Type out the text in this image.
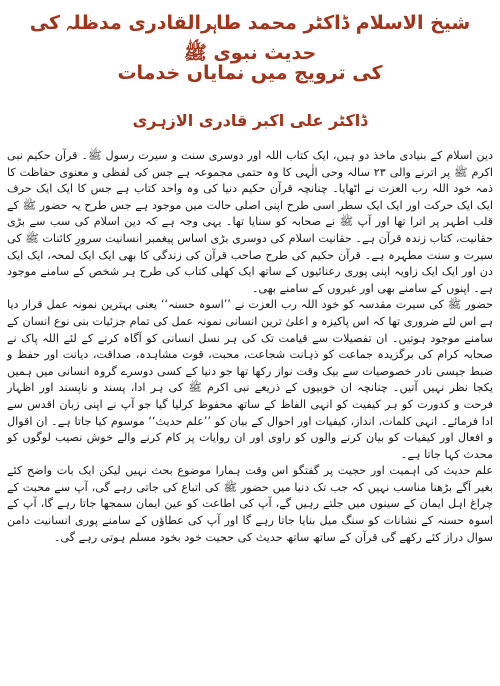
شیخ الاسلام ڈاکٹر محمد طاہرالقادری مدظلہ کی حدیث نبوی ﷺ
کی ترویج میں نمایاں خدمات
ڈاکٹر علی اکبر قادری الازہری

دین اسلام کے بنیادی ماخذ دو ہیں، ایک کتاب اللہ اور دوسری سنت و سیرت رسول ﷺ۔ قرآن حکیم نبی اکرم ﷺ پر اترنے والی ۲۳ سالہ وحی الٰہی کا وہ حتمی مجموعہ ہے جس کی لفظی و معنوی حفاظت کا ذمہ خود اللہ رب العزت نے اٹھایا۔ چنانچہ قرآن حکیم دنیا کی وہ واحد کتاب ہے جس کا ایک ایک حرف ایک ایک حرکت اور ایک ایک سطر اسی طرح اپنی اصلی حالت میں موجود ہے جس طرح یہ حضور ﷺ کے قلب اطہر پر اترا تھا اور آپ ﷺ نے صحابہ کو سنایا تھا۔ یہی وجہ ہے کہ دین اسلام کی سب سے بڑی حقانیت، کتاب زندہ قرآن ہے۔ حقانیت اسلام کی دوسری بڑی اساس پیغمبر انسانیت سرورِ کائنات ﷺ کی سیرت و سنت مطہرہ ہے۔ قرآن حکیم کی طرح صاحب قرآن کی زندگی کا بھی ایک ایک لمحہ، ایک ایک دن اور ایک ایک زاویہ اپنی پوری رعنائیوں کے ساتھ ایک کھلی کتاب کی طرح ہر شخص کے سامنے موجود ہے۔ اپنوں کے سامنے بھی اور غیروں کے سامنے بھی۔

حضور ﷺ کی سیرت مقدسہ کو خود اللہ رب العزت نے ’’اسوہ حسنہ‘‘ یعنی بہترین نمونہ عمل قرار دیا ہے اس لئے ضروری تھا کہ اس پاکیزہ و اعلیٰ ترین انسانی نمونہ عمل کی تمام جزئیات بنی نوع انسان کے سامنے موجود ہوتیں۔ ان تفصیلات سے قیامت تک کی ہر نسل انسانی کو آگاہ کرنے کے لئے اللہ پاک نے صحابہ کرام کی برگزیدہ جماعت کو ذہانت شجاعت، محبت، قوت مشاہدہ، صداقت، دیانت اور حفظ و ضبط جیسی نادر خصوصیات سے بیک وقت نواز رکھا تھا جو دنیا کے کسی دوسرے گروہ انسانی میں ہمیں یکجا نظر نہیں آتیں۔ چنانچہ ان خوبیوں کے ذریعے نبی اکرم ﷺ کی ہر ادا، پسند و ناپسند اور اظہار فرحت و کدورت کو ہر کیفیت کو انہی الفاظ کے ساتھ محفوظ کرلیا گیا جو آپ نے اپنی زبان اقدس سے ادا فرمائے۔ انہی کلمات، انداز، کیفیات اور احوال کے بیان کو ’’علم حدیث‘‘ موسوم کیا جاتا ہے۔ ان اقوال و افعال اور کیفیات کو بیان کرنے والوں کو راوی اور ان روایات پر کام کرنے والے خوش نصیب لوگوں کو محدث کہا جاتا ہے۔

علم حدیث کی اہمیت اور حجیت پر گفتگو اس وقت ہمارا موضوع بحث نہیں لیکن ایک بات واضح کئے بغیر آگے بڑھنا مناسب نہیں کہ جب تک دنیا میں حضور ﷺ کی اتباع کی جاتی رہے گی، آپ سے محبت کے چراغ اہل ایمان کے سینوں میں جلتے رہیں گے، آپ کی اطاعت کو عین ایمان سمجھا جاتا رہے گا، آپ کے اسوہ حسنہ کے نشانات کو سنگ میل بنایا جاتا رہے گا اور آپ کی عطاؤں کے سامنے پوری انسانیت دامن سوال دراز کئے رکھے گی قرآن کے ساتھ ساتھ حدیث کی حجیت خود بخود مسلم ہوتی رہے گی۔
